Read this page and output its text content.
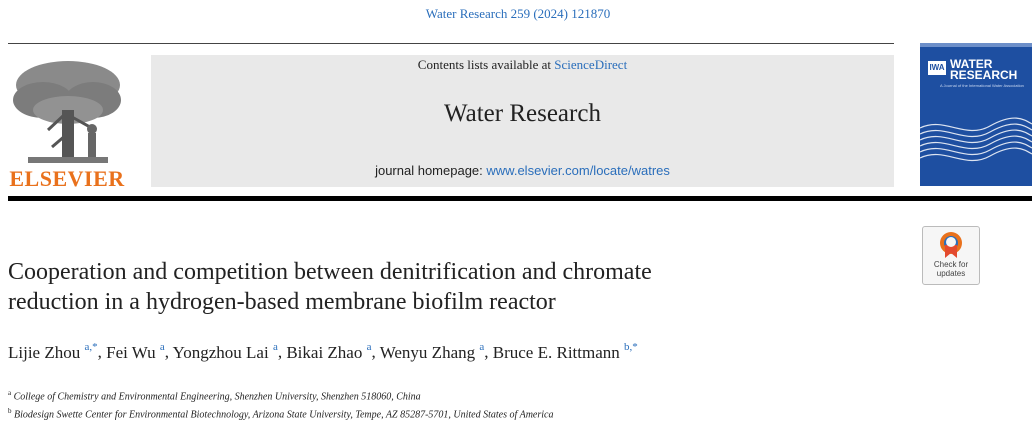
Water Research 259 (2024) 121870
ELSEVIER
Contents lists available at ScienceDirect
Water Research
journal homepage: www.elsevier.com/locate/watres
IWA WATER
RESEARCH
A Journal of the International Water Association
Check for
updates
Cooperation and competition between denitrification and chromate
reduction in a hydrogen-based membrane biofilm reactor
Lijie Zhou $^{a,*}$, Fei Wu $^a$, Yongzhou Lai $^a$, Bikai Zhao $^a$, Wenyu Zhang $^a$, Bruce E. Rittmann $^{b,*}$
$^a$ College of Chemistry and Environmental Engineering, Shenzhen University, Shenzhen 518060, China
$^b$ Biodesign Swette Center for Environmental Biotechnology, Arizona State University, Tempe, AZ 85287-5701, United States of America
